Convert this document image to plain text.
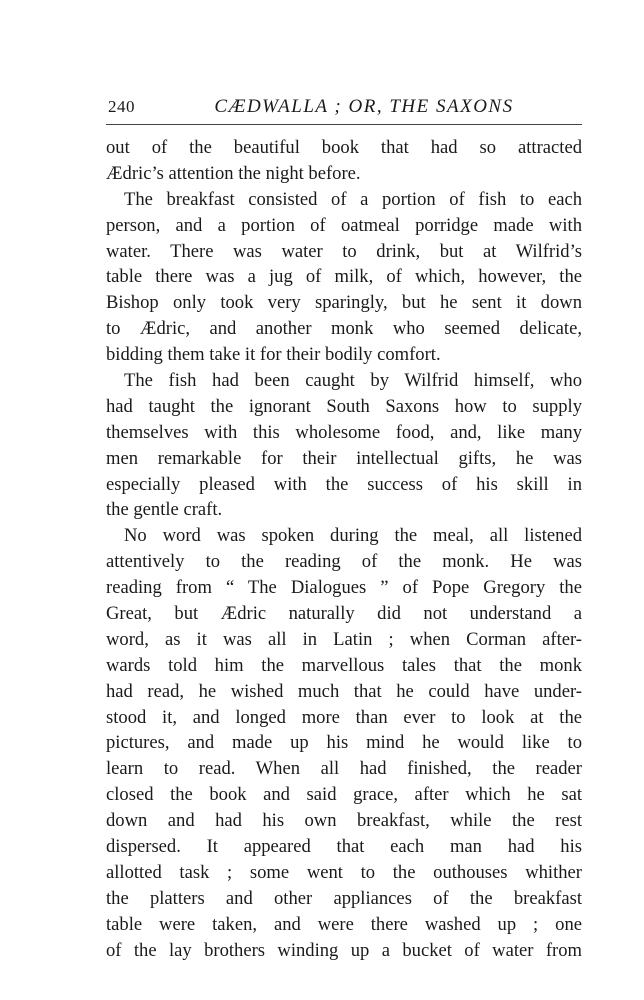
240	CÆDWALLA ; OR, THE SAXONS
out of the beautiful book that had so attracted
Ædric’s attention the night before.
The breakfast consisted of a portion of fish to each
person, and a portion of oatmeal porridge made with
water. There was water to drink, but at Wilfrid’s
table there was a jug of milk, of which, however, the
Bishop only took very sparingly, but he sent it down
to Ædric, and another monk who seemed delicate,
bidding them take it for their bodily comfort.
The fish had been caught by Wilfrid himself, who
had taught the ignorant South Saxons how to supply
themselves with this wholesome food, and, like many
men remarkable for their intellectual gifts, he was
especially pleased with the success of his skill in
the gentle craft.
No word was spoken during the meal, all listened
attentively to the reading of the monk. He was
reading from “ The Dialogues ” of Pope Gregory the
Great, but Ædric naturally did not understand a
word, as it was all in Latin ; when Corman after-
wards told him the marvellous tales that the monk
had read, he wished much that he could have under-
stood it, and longed more than ever to look at the
pictures, and made up his mind he would like to
learn to read. When all had finished, the reader
closed the book and said grace, after which he sat
down and had his own breakfast, while the rest
dispersed. It appeared that each man had his
allotted task ; some went to the outhouses whither
the platters and other appliances of the breakfast
table were taken, and were there washed up ; one
of the lay brothers winding up a bucket of water from
